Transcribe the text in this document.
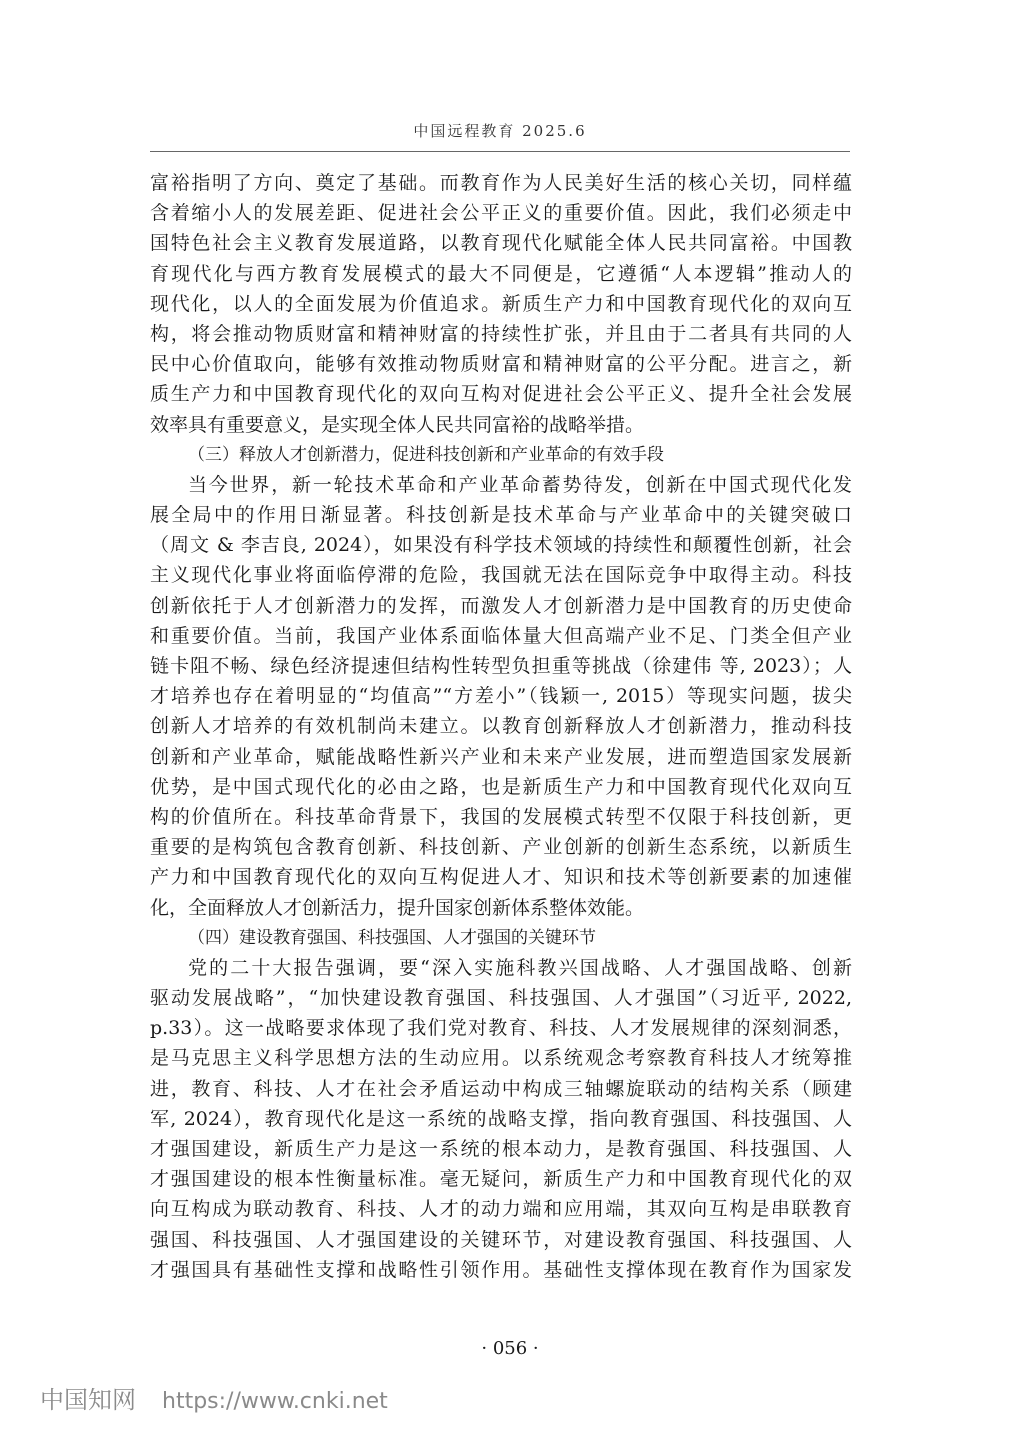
中国远程教育 2025.6
富裕指明了方向、奠定了基础。而教育作为人民美好生活的核心关切，同样蕴
含着缩小人的发展差距、促进社会公平正义的重要价值。因此，我们必须走中
国特色社会主义教育发展道路，以教育现代化赋能全体人民共同富裕。中国教
育现代化与西方教育发展模式的最大不同便是，它遵循“人本逻辑”推动人的
现代化，以人的全面发展为价值追求。新质生产力和中国教育现代化的双向互
构，将会推动物质财富和精神财富的持续性扩张，并且由于二者具有共同的人
民中心价值取向，能够有效推动物质财富和精神财富的公平分配。进言之，新
质生产力和中国教育现代化的双向互构对促进社会公平正义、提升全社会发展
效率具有重要意义，是实现全体人民共同富裕的战略举措。
（三）释放人才创新潜力，促进科技创新和产业革命的有效手段
当今世界，新一轮技术革命和产业革命蓄势待发，创新在中国式现代化发
展全局中的作用日渐显著。科技创新是技术革命与产业革命中的关键突破口
（周文 & 李吉良, 2024），如果没有科学技术领域的持续性和颠覆性创新，社会
主义现代化事业将面临停滞的危险，我国就无法在国际竞争中取得主动。科技
创新依托于人才创新潜力的发挥，而激发人才创新潜力是中国教育的历史使命
和重要价值。当前，我国产业体系面临体量大但高端产业不足、门类全但产业
链卡阻不畅、绿色经济提速但结构性转型负担重等挑战（徐建伟 等, 2023）；人
才培养也存在着明显的“均值高”“方差小”（钱颖一, 2015）等现实问题，拔尖
创新人才培养的有效机制尚未建立。以教育创新释放人才创新潜力，推动科技
创新和产业革命，赋能战略性新兴产业和未来产业发展，进而塑造国家发展新
优势，是中国式现代化的必由之路，也是新质生产力和中国教育现代化双向互
构的价值所在。科技革命背景下，我国的发展模式转型不仅限于科技创新，更
重要的是构筑包含教育创新、科技创新、产业创新的创新生态系统，以新质生
产力和中国教育现代化的双向互构促进人才、知识和技术等创新要素的加速催
化，全面释放人才创新活力，提升国家创新体系整体效能。
（四）建设教育强国、科技强国、人才强国的关键环节
党的二十大报告强调，要“深入实施科教兴国战略、人才强国战略、创新
驱动发展战略”，“加快建设教育强国、科技强国、人才强国”（习近平, 2022,
p.33）。这一战略要求体现了我们党对教育、科技、人才发展规律的深刻洞悉，
是马克思主义科学思想方法的生动应用。以系统观念考察教育科技人才统筹推
进，教育、科技、人才在社会矛盾运动中构成三轴螺旋联动的结构关系（顾建
军, 2024），教育现代化是这一系统的战略支撑，指向教育强国、科技强国、人
才强国建设，新质生产力是这一系统的根本动力，是教育强国、科技强国、人
才强国建设的根本性衡量标准。毫无疑问，新质生产力和中国教育现代化的双
向互构成为联动教育、科技、人才的动力端和应用端，其双向互构是串联教育
强国、科技强国、人才强国建设的关键环节，对建设教育强国、科技强国、人
才强国具有基础性支撑和战略性引领作用。基础性支撑体现在教育作为国家发
· 056 ·
中国知网 https://www.cnki.net
